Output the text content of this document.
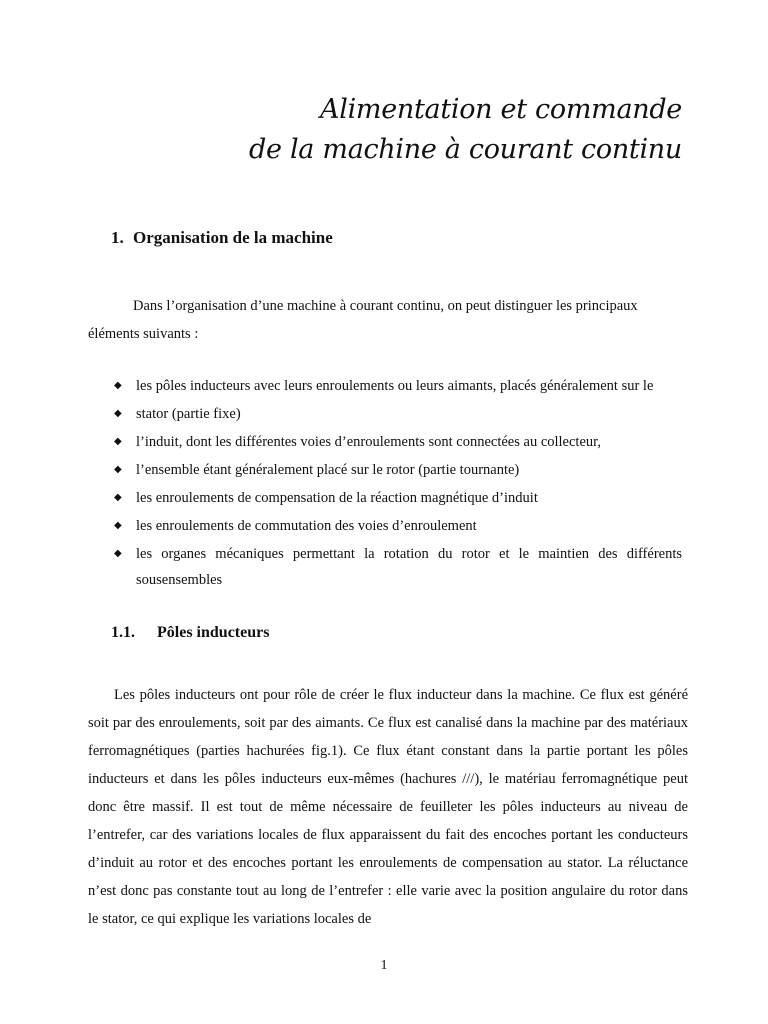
Alimentation et commande
de la machine à courant continu
1. Organisation de la machine
Dans l’organisation d’une machine à courant continu, on peut distinguer les principaux
éléments suivants :
◆ les pôles inducteurs avec leurs enroulements ou leurs aimants, placés généralement sur le
◆ stator (partie fixe)
◆ l’induit, dont les différentes voies d’enroulements sont connectées au collecteur,
◆ l’ensemble étant généralement placé sur le rotor (partie tournante)
◆ les enroulements de compensation de la réaction magnétique d’induit
◆ les enroulements de commutation des voies d’enroulement
◆ les organes mécaniques permettant la rotation du rotor et le maintien des différents sousensembles
1.1. Pôles inducteurs

Les pôles inducteurs ont pour rôle de créer le flux inducteur dans la machine. Ce flux est généré soit par des enroulements, soit par des aimants. Ce flux est canalisé dans la machine par des matériaux ferromagnétiques (parties hachurées fig.1). Ce flux étant constant dans la partie portant les pôles inducteurs et dans les pôles inducteurs eux-mêmes (hachures ///), le matériau ferromagnétique peut donc être massif. Il est tout de même nécessaire de feuilleter les pôles inducteurs au niveau de l’entrefer, car des variations locales de flux apparaissent du fait des encoches portant les conducteurs d’induit au rotor et des encoches portant les enroulements de compensation au stator. La réluctance n’est donc pas constante tout au long de l’entrefer : elle varie avec la position angulaire du rotor dans le stator, ce qui explique les variations locales de

1
